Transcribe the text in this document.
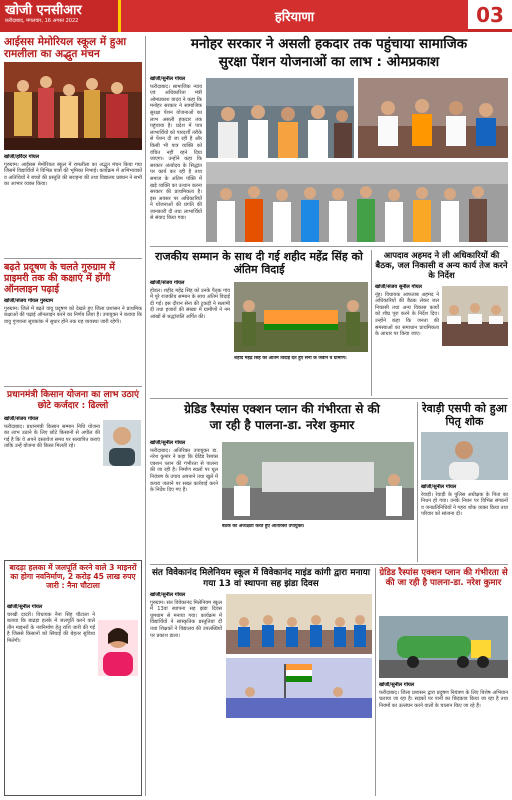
खोजी एनसीआर
फ़रीदाबाद, मंगलवार, 16 अगस्त 2022	हरियाणा	03
आईसस मेमोरियल स्कूल में हुआ रामलीला का अद्भुत मंचन
खोजी/हरिंदर गोयल
गुरुग्राम। आईसस मेमोरियल स्कूल में रामलीला का अद्भुत मंचन किया गया जिसमें विद्यार्थियों ने विभिन्न पात्रों की भूमिका निभाई। कार्यक्रम में अभिभावकों व अतिथियों ने बच्चों की प्रस्तुति की सराहना की तथा विद्यालय प्रबंधन ने सभी का आभार व्यक्त किया।
बढ़ते प्रदूषण के चलते गुरुग्राम में प्राइमरी तक की कक्षाएं में होंगी ऑनलाइन पढ़ाई
खोजी/संजय गोयल गुरुग्राम
गुरुग्राम। जिले में बढ़ते वायु प्रदूषण को देखते हुए जिला प्रशासन ने प्राथमिक कक्षाओं की पढ़ाई ऑनलाइन करने का निर्णय लिया है। उपायुक्त ने बताया कि वायु गुणवत्ता सूचकांक में सुधार होने तक यह व्यवस्था जारी रहेगी।
प्रधानमंत्री किसान योजना का लाभ उठाएं छोटे कर्जदार : ढिल्लो
खोजी/संजय गोयल
फरीदाबाद। प्रधानमंत्री किसान सम्मान निधि योजना का लाभ उठाने के लिए छोटे किसानों से अपील की गई है कि वे अपने दस्तावेज समय पर सत्यापित कराएं ताकि उन्हें योजना की किस्त मिलती रहे।
बादड़ा हलका में जलपूर्ति करने वाले 3 माइनरों का होगा नवनिर्माण, 2 करोड़ 45 लाख रुपए जारी : नैना चौटाला
खोजी/सुनील गोयल
चरखी दादरी। विधायक नैना सिंह चौटाला ने बताया कि बाढड़ा हलके में जलपूर्ति करने वाले तीन माइनरों के नवनिर्माण हेतु राशि जारी की गई है जिससे किसानों को सिंचाई की बेहतर सुविधा मिलेगी।
मनोहर सरकार ने असली हकदार तक पहुंचाया सामाजिक
सुरक्षा पेंशन योजनाओं का लाभ : ओमप्रकाश
खोजी/सुनील गोयल
फरीदाबाद। सामाजिक न्याय एवं अधिकारिता मंत्री ओमप्रकाश यादव ने कहा कि मनोहर सरकार ने सामाजिक सुरक्षा पेंशन योजनाओं का लाभ असली हकदार तक पहुंचाया है। प्रदेश में पात्र लाभार्थियों को पारदर्शी तरीके से पेंशन दी जा रही है और किसी भी पात्र व्यक्ति को वंचित नहीं रहने दिया जाएगा। उन्होंने कहा कि सरकार अंत्योदय के सिद्धांत पर कार्य कर रही है तथा समाज के अंतिम पंक्ति में खड़े व्यक्ति का उत्थान करना सरकार की प्राथमिकता है। इस अवसर पर अधिकारियों ने योजनाओं की प्रगति की जानकारी दी तथा लाभार्थियों से संवाद किया गया।
राजकीय सम्मान के साथ दी गई शहीद महेंद्र सिंह को अंतिम विदाई
खोजी/संजय गोयल
होडल। शहीद महेंद्र सिंह को उनके पैतृक गांव में पूरे राजकीय सम्मान के साथ अंतिम विदाई दी गई। इस दौरान सेना की टुकड़ी ने सलामी दी तथा हजारों की संख्या में ग्रामीणों ने नम आंखों से श्रद्धांजलि अर्पित की।
शहीद महेंद्र सिंह को अंतिम विदाई देते हुए सेना के जवान व ग्रामीण।
आपदाव अहमद ने ली अधिकारियों की बैठक, जल निकासी व अन्य कार्य तेज करने के निर्देश
खोजी/संजय सुनील गोयल
नूंह। विधायक आफताब अहमद ने अधिकारियों की बैठक लेकर जल निकासी तथा अन्य विकास कार्यों को शीघ्र पूरा करने के निर्देश दिए। उन्होंने कहा कि जनता की समस्याओं का समाधान प्राथमिकता के आधार पर किया जाए।
ग्रेडिड रैस्पांस एक्शन प्लान की गंभीरता से की
जा रही है पालना-डा. नरेश कुमार
खोजी/सुनील गोयल
फरीदाबाद। अतिरिक्त उपायुक्त डा. नरेश कुमार ने कहा कि ग्रेडिड रैस्पांस एक्शन प्लान की गंभीरता से पालना की जा रही है। निर्माण स्थलों पर धूल नियंत्रण के उपाय अपनाने तथा खुले में कचरा जलाने पर सख्त कार्रवाई करने के निर्देश दिए गए हैं।
बैठक की अध्यक्षता करते हुए अतिरिक्त उपायुक्त।
रेवाड़ी एसपी को हुआ पितृ शोक
खोजी/सुनील गोयल
रेवाड़ी। रेवाड़ी के पुलिस अधीक्षक के पिता का निधन हो गया। उनके निधन पर विभिन्न संगठनों व जनप्रतिनिधियों ने गहरा शोक व्यक्त किया तथा परिवार को सांत्वना दी।
संत विवेकानंद मिलेनियम स्कूल में विवेकानंद माइंड कांगी द्वारा मनाया गया 13 वां स्थापना सह झंडा दिवस
खोजी/सुनील गोयल
गुरुग्राम। संत विवेकानंद मिलेनियम स्कूल में 13वां स्थापना सह झंडा दिवस धूमधाम से मनाया गया। कार्यक्रम में विद्यार्थियों ने सांस्कृतिक प्रस्तुतियां दीं तथा शिक्षकों ने विद्यालय की उपलब्धियों पर प्रकाश डाला।
ग्रेडिड रैस्पांस एक्शन प्लान की गंभीरता से की जा रही है पालना-डा. नरेश कुमार
खोजी/सुनील गोयल
फरीदाबाद। जिला प्रशासन द्वारा प्रदूषण नियंत्रण के लिए विशेष अभियान चलाया जा रहा है। सड़कों पर पानी का छिड़काव किया जा रहा है तथा नियमों का उल्लंघन करने वालों के चालान किए जा रहे हैं।
